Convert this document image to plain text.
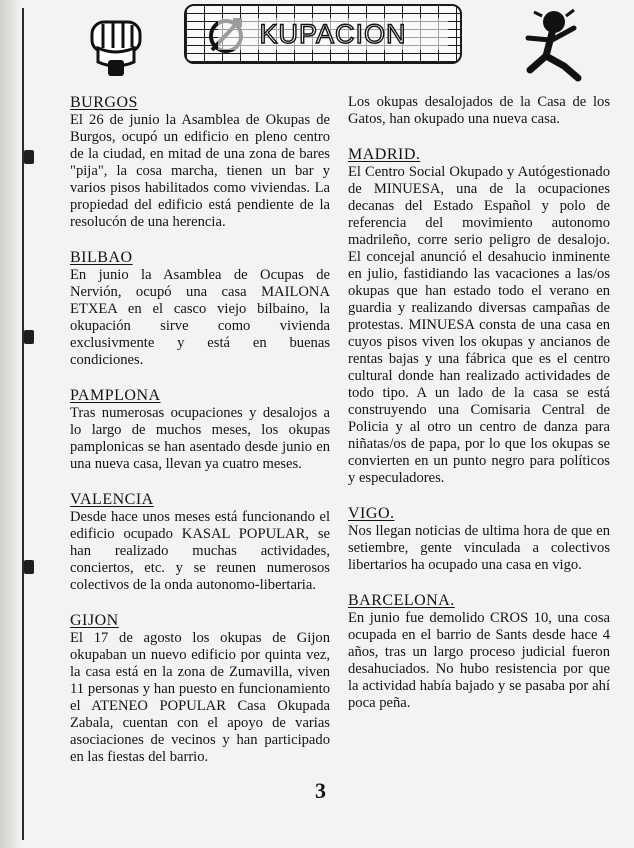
KUPACION
BURGOS

El 26 de junio la Asamblea de Okupas de Burgos, ocupó un edificio en pleno centro de la ciudad, en mitad de una zona de bares "pija", la cosa marcha, tienen un bar y varios pisos habilitados como viviendas. La propiedad del edificio está pendiente de la resolucón de una herencia.

BILBAO

En junio la Asamblea de Ocupas de Nervión, ocupó una casa MAILONA ETXEA en el casco viejo bilbaino, la okupación sirve como vivienda exclusivmente y está en buenas condiciones.

PAMPLONA

Tras numerosas ocupaciones y desalojos a lo largo de muchos meses, los okupas pamplonicas se han asentado desde junio en una nueva casa, llevan ya cuatro meses.

VALENCIA

Desde hace unos meses está funcionando el edificio ocupado KASAL POPULAR, se han realizado muchas actividades, conciertos, etc. y se reunen numerosos colectivos de la onda autonomo-libertaria.

GIJON

El 17 de agosto los okupas de Gijon okupaban un nuevo edificio por quinta vez, la casa está en la zona de Zumavilla, viven 11 personas y han puesto en funcionamiento el ATENEO POPULAR Casa Okupada Zabala, cuentan con el apoyo de varias asociaciones de vecinos y han participado en las fiestas del barrio.

Los okupas desalojados de la Casa de los Gatos, han okupado una nueva casa.

MADRID.

El Centro Social Okupado y Autógestionado de MINUESA, una de la ocupaciones decanas del Estado Español y polo de referencia del movimiento autonomo madrileño, corre serio peligro de desalojo. El concejal anunció el desahucio inminente en julio, fastidiando las vacaciones a las/os okupas que han estado todo el verano en guardia y realizando diversas campañas de protestas. MINUESA consta de una casa en cuyos pisos viven los okupas y ancianos de rentas bajas y una fábrica que es el centro cultural donde han realizado actividades de todo tipo. A un lado de la casa se está construyendo una Comisaria Central de Policia y al otro un centro de danza para niñatas/os de papa, por lo que los okupas se convierten en un punto negro para políticos y especuladores.

VIGO.

Nos llegan noticias de ultima hora de que en setiembre, gente vinculada a colectivos libertarios ha ocupado una casa en vigo.

BARCELONA.

En junio fue demolido CROS 10, una cosa ocupada en el barrio de Sants desde hace 4 años, tras un largo proceso judicial fueron desahuciados. No hubo resistencia por que la actividad había bajado y se pasaba por ahí poca peña.

3
